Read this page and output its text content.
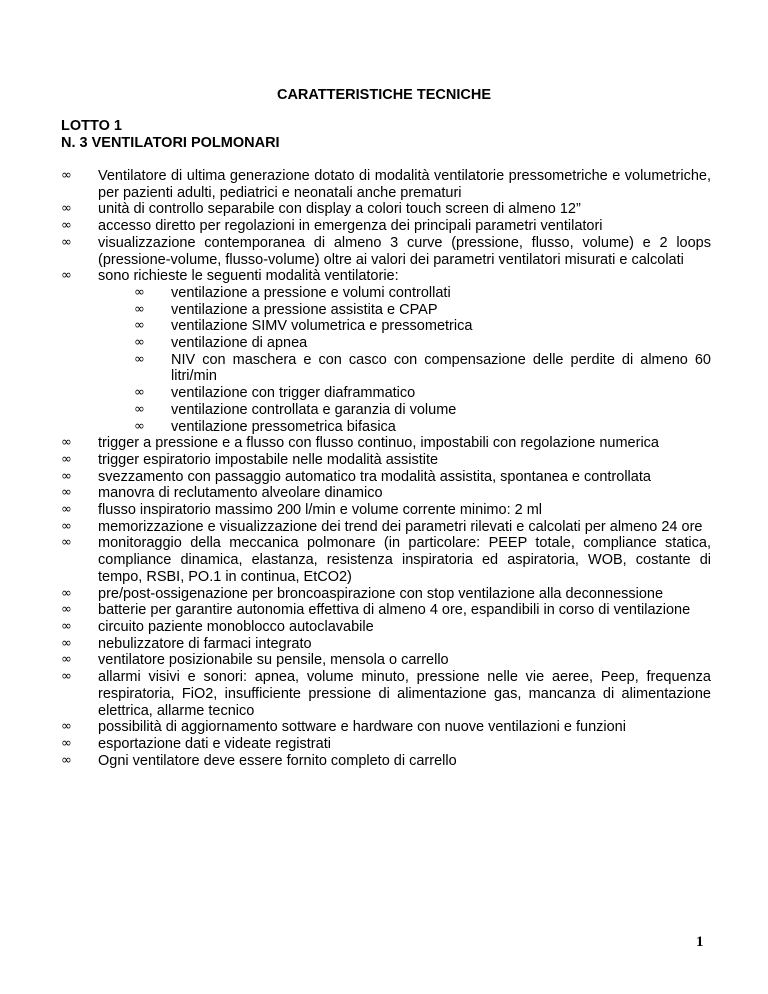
CARATTERISTICHE TECNICHE
LOTTO 1
N. 3 VENTILATORI POLMONARI
∞ Ventilatore di ultima generazione dotato di modalità ventilatorie pressometriche e volumetriche, per pazienti adulti, pediatrici e neonatali anche prematuri
∞ unità di controllo separabile con display a colori touch screen di almeno 12”
∞ accesso diretto per regolazioni in emergenza dei principali parametri ventilatori
∞ visualizzazione contemporanea di almeno 3 curve (pressione, flusso, volume) e 2 loops (pressione-volume, flusso-volume) oltre ai valori dei parametri ventilatori misurati e calcolati
∞ sono richieste le seguenti modalità ventilatorie:
∞ ventilazione a pressione e volumi controllati
∞ ventilazione a pressione assistita e CPAP
∞ ventilazione SIMV volumetrica e pressometrica
∞ ventilazione di apnea
∞ NIV con maschera e con casco con compensazione delle perdite di almeno 60 litri/min
∞ ventilazione con trigger diaframmatico
∞ ventilazione controllata e garanzia di volume
∞ ventilazione pressometrica bifasica
∞ trigger a pressione e a flusso con flusso continuo, impostabili con regolazione numerica
∞ trigger espiratorio impostabile nelle modalità assistite
∞ svezzamento con passaggio automatico tra modalità assistita, spontanea e controllata
∞ manovra di reclutamento alveolare dinamico
∞ flusso inspiratorio massimo 200 l/min e volume corrente minimo: 2 ml
∞ memorizzazione e visualizzazione dei trend dei parametri rilevati e calcolati per almeno 24 ore
∞ monitoraggio della meccanica polmonare (in particolare: PEEP totale, compliance statica, compliance dinamica, elastanza, resistenza inspiratoria ed aspiratoria, WOB, costante di tempo, RSBI, PO.1 in continua, EtCO2)
∞ pre/post-ossigenazione per broncoaspirazione con stop ventilazione alla deconnessione
∞ batterie per garantire autonomia effettiva di almeno 4 ore, espandibili in corso di ventilazione
∞ circuito paziente monoblocco autoclavabile
∞ nebulizzatore di farmaci integrato
∞ ventilatore posizionabile su pensile, mensola o carrello
∞ allarmi visivi e sonori: apnea, volume minuto, pressione nelle vie aeree, Peep, frequenza respiratoria, FiO2, insufficiente pressione di alimentazione gas, mancanza di alimentazione elettrica, allarme tecnico
∞ possibilità di aggiornamento sottware e hardware con nuove ventilazioni e funzioni
∞ esportazione dati e videate registrati
∞ Ogni ventilatore deve essere fornito completo di carrello
1
